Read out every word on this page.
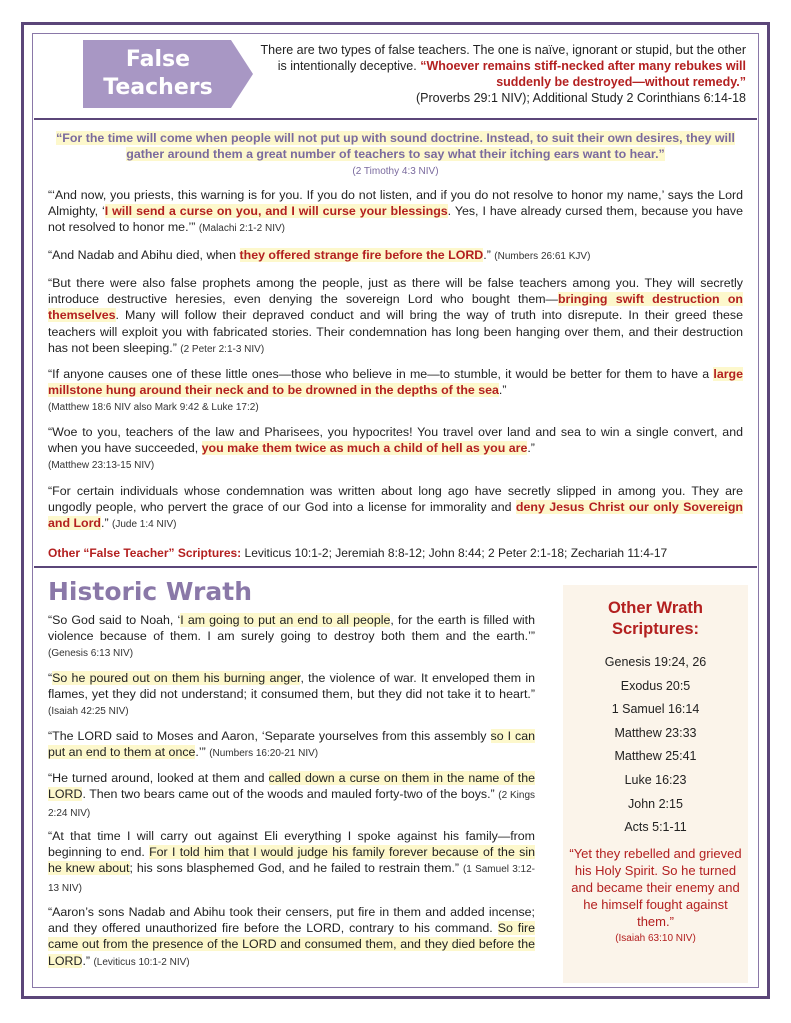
False
Teachers
There are two types of false teachers. The one is naïve, ignorant or stupid, but the other is intentionally deceptive. “Whoever remains stiff-necked after many rebukes will suddenly be destroyed—without remedy.”
(Proverbs 29:1 NIV); Additional Study 2 Corinthians 6:14-18
“For the time will come when people will not put up with sound doctrine. Instead, to suit their own desires, they will gather around them a great number of teachers to say what their itching ears want to hear.”
(2 Timothy 4:3 NIV)
“‘And now, you priests, this warning is for you. If you do not listen, and if you do not resolve to honor my name,’ says the Lord Almighty, ‘I will send a curse on you, and I will curse your blessings. Yes, I have already cursed them, because you have not resolved to honor me.’” (Malachi 2:1-2 NIV)
“And Nadab and Abihu died, when they offered strange fire before the LORD.” (Numbers 26:61 KJV)
“But there were also false prophets among the people, just as there will be false teachers among you. They will secretly introduce destructive heresies, even denying the sovereign Lord who bought them—bringing swift destruction on themselves. Many will follow their depraved conduct and will bring the way of truth into disrepute. In their greed these teachers will exploit you with fabricated stories. Their condemnation has long been hanging over them, and their destruction has not been sleeping.” (2 Peter 2:1-3 NIV)
“If anyone causes one of these little ones—those who believe in me—to stumble, it would be better for them to have a large millstone hung around their neck and to be drowned in the depths of the sea.”
(Matthew 18:6 NIV also Mark 9:42 & Luke 17:2)
“Woe to you, teachers of the law and Pharisees, you hypocrites! You travel over land and sea to win a single convert, and when you have succeeded, you make them twice as much a child of hell as you are.”
(Matthew 23:13-15 NIV)
“For certain individuals whose condemnation was written about long ago have secretly slipped in among you. They are ungodly people, who pervert the grace of our God into a license for immorality and deny Jesus Christ our only Sovereign and Lord.” (Jude 1:4 NIV)
Other “False Teacher” Scriptures: Leviticus 10:1-2; Jeremiah 8:8-12; John 8:44; 2 Peter 2:1-18; Zechariah 11:4-17
Historic Wrath
“So God said to Noah, ‘I am going to put an end to all people, for the earth is filled with violence because of them. I am surely going to destroy both them and the earth.’” (Genesis 6:13 NIV)
“So he poured out on them his burning anger, the violence of war. It enveloped them in flames, yet they did not understand; it consumed them, but they did not take it to heart.” (Isaiah 42:25 NIV)
“The LORD said to Moses and Aaron, ‘Separate yourselves from this assembly so I can put an end to them at once.’” (Numbers 16:20-21 NIV)
“He turned around, looked at them and called down a curse on them in the name of the LORD. Then two bears came out of the woods and mauled forty-two of the boys.” (2 Kings 2:24 NIV)
“At that time I will carry out against Eli everything I spoke against his family—from beginning to end. For I told him that I would judge his family forever because of the sin he knew about; his sons blasphemed God, and he failed to restrain them.” (1 Samuel 3:12-13 NIV)
“Aaron’s sons Nadab and Abihu took their censers, put fire in them and added incense; and they offered unauthorized fire before the LORD, contrary to his command. So fire came out from the presence of the LORD and consumed them, and they died before the LORD.” (Leviticus 10:1-2 NIV)
Other Wrath Scriptures:
Genesis 19:24, 26
Exodus 20:5
1 Samuel 16:14
Matthew 23:33
Matthew 25:41
Luke 16:23
John 2:15
Acts 5:1-11
“Yet they rebelled and grieved his Holy Spirit. So he turned and became their enemy and he himself fought against them.”
(Isaiah 63:10 NIV)
